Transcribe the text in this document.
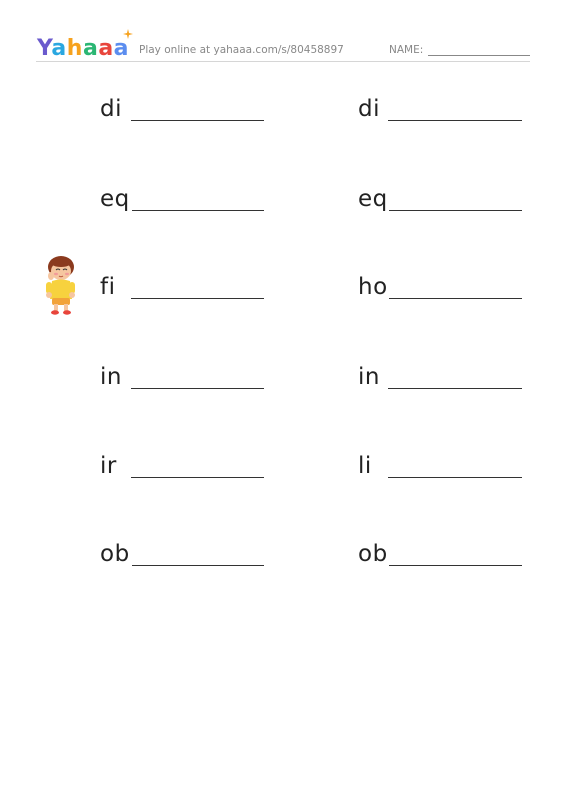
Yahaaa Play online at yahaaa.com/s/80458897	NAME:
di	di
eq	eq
fi	ho
in	in
ir	li
ob	ob
